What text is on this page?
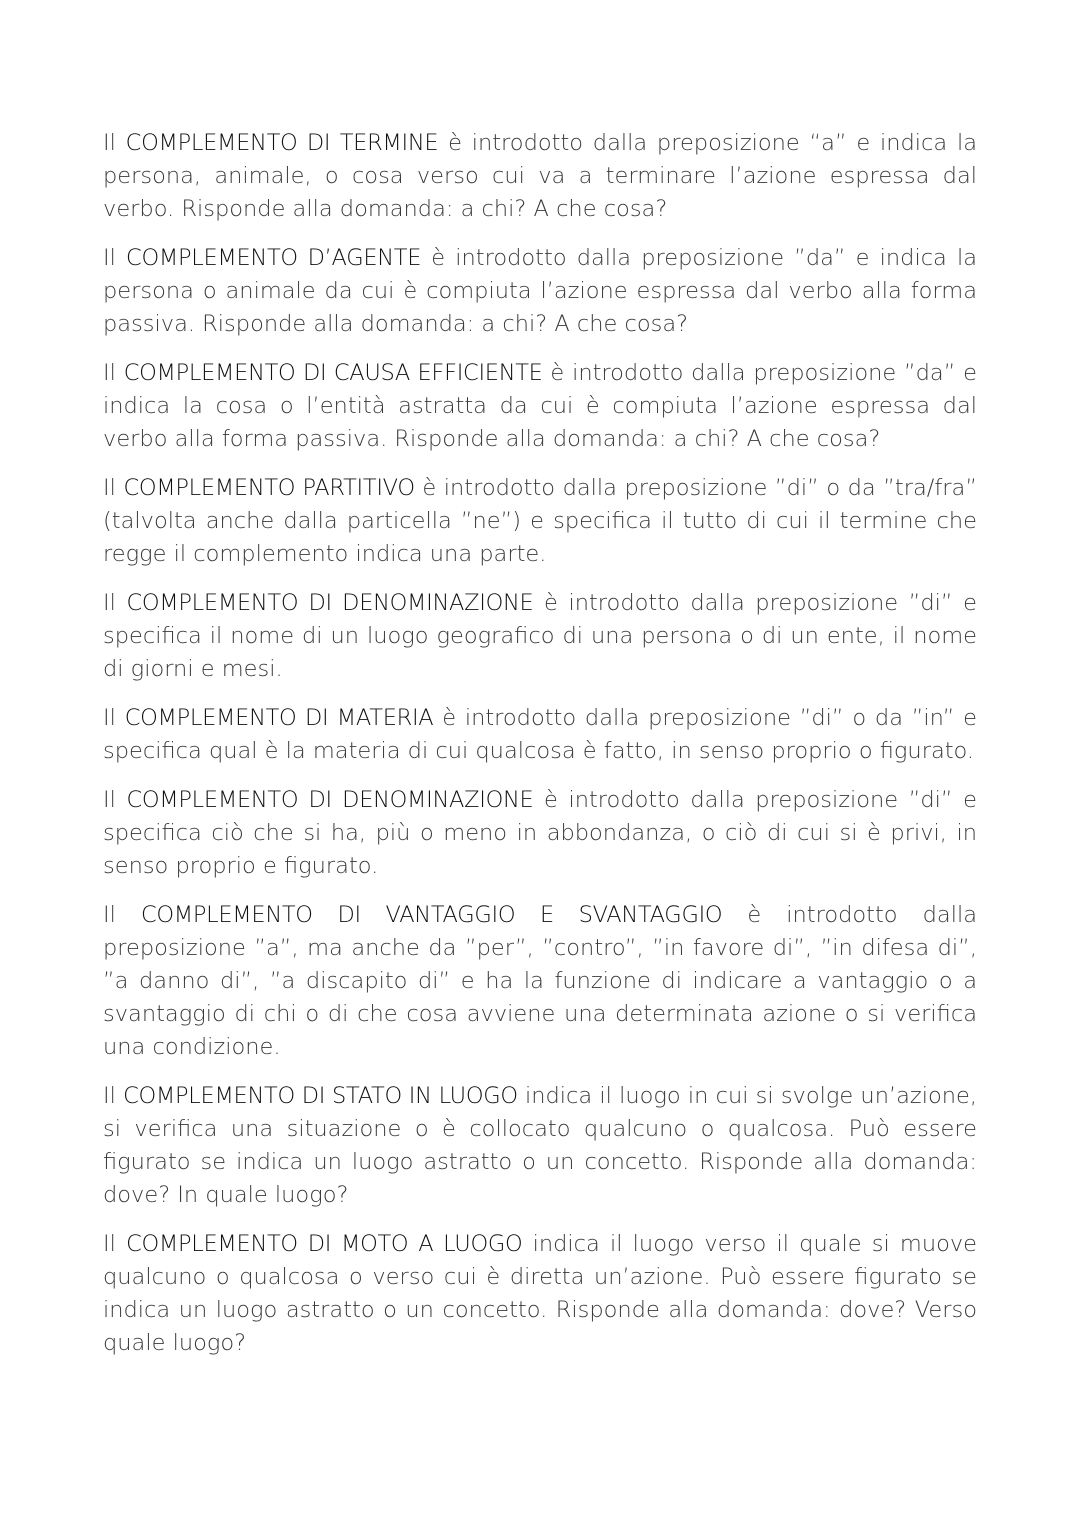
Il COMPLEMENTO DI TERMINE è introdotto dalla preposizione “a” e indica la persona, animale, o cosa verso cui va a terminare l’azione espressa dal verbo. Risponde alla domanda: a chi? A che cosa?

Il COMPLEMENTO D’AGENTE è introdotto dalla preposizione ”da” e indica la persona o animale da cui è compiuta l’azione espressa dal verbo alla forma passiva. Risponde alla domanda: a chi? A che cosa?

Il COMPLEMENTO DI CAUSA EFFICIENTE è introdotto dalla preposizione ”da” e indica la cosa o l’entità astratta da cui è compiuta l’azione espressa dal verbo alla forma passiva. Risponde alla domanda: a chi? A che cosa?

Il COMPLEMENTO PARTITIVO è introdotto dalla preposizione ”di” o da ”tra/fra” (talvolta anche dalla particella ”ne”) e specifica il tutto di cui il termine che regge il complemento indica una parte.

Il COMPLEMENTO DI DENOMINAZIONE è introdotto dalla preposizione ”di” e specifica il nome di un luogo geografico di una persona o di un ente, il nome di giorni e mesi.

Il COMPLEMENTO DI MATERIA è introdotto dalla preposizione ”di” o da ”in” e specifica qual è la materia di cui qualcosa è fatto, in senso proprio o figurato.

Il COMPLEMENTO DI DENOMINAZIONE è introdotto dalla preposizione ”di” e specifica ciò che si ha, più o meno in abbondanza, o ciò di cui si è privi, in senso proprio e figurato.

Il COMPLEMENTO DI VANTAGGIO E SVANTAGGIO è introdotto dalla preposizione ”a”, ma anche da ”per”, ”contro”, ”in favore di”, ”in difesa di”, ”a danno di”, ”a discapito di” e ha la funzione di indicare a vantaggio o a svantaggio di chi o di che cosa avviene una determinata azione o si verifica una condizione.

Il COMPLEMENTO DI STATO IN LUOGO indica il luogo in cui si svolge un’azione, si verifica una situazione o è collocato qualcuno o qualcosa. Può essere figurato se indica un luogo astratto o un concetto. Risponde alla domanda: dove? In quale luogo?

Il COMPLEMENTO DI MOTO A LUOGO indica il luogo verso il quale si muove qualcuno o qualcosa o verso cui è diretta un’azione. Può essere figurato se indica un luogo astratto o un concetto. Risponde alla domanda: dove? Verso quale luogo?
